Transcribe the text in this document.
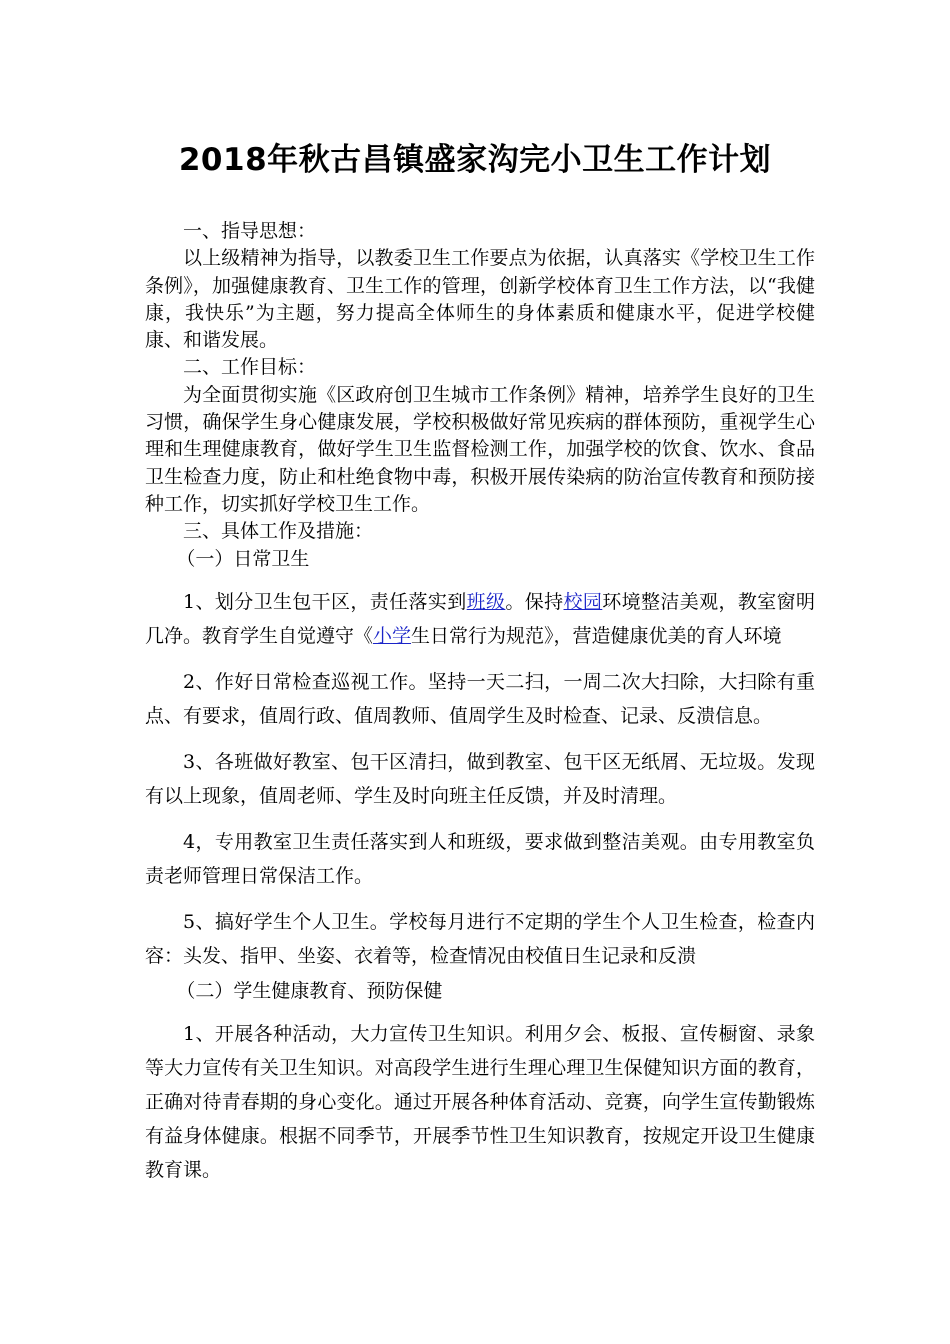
2018年秋古昌镇盛家沟完小卫生工作计划

一、指导思想：

以上级精神为指导，以教委卫生工作要点为依据，认真落实《学校卫生工作条例》，加强健康教育、卫生工作的管理，创新学校体育卫生工作方法，以“我健康，我快乐”为主题，努力提高全体师生的身体素质和健康水平，促进学校健康、和谐发展。

二、工作目标：

为全面贯彻实施《区政府创卫生城市工作条例》精神，培养学生良好的卫生习惯，确保学生身心健康发展，学校积极做好常见疾病的群体预防，重视学生心理和生理健康教育，做好学生卫生监督检测工作，加强学校的饮食、饮水、食品卫生检查力度，防止和杜绝食物中毒，积极开展传染病的防治宣传教育和预防接种工作，切实抓好学校卫生工作。

三、具体工作及措施：

（一）日常卫生

1、划分卫生包干区，责任落实到班级。保持校园环境整洁美观，教室窗明几净。教育学生自觉遵守《小学生日常行为规范》，营造健康优美的育人环境

2、作好日常检查巡视工作。坚持一天二扫，一周二次大扫除，大扫除有重点、有要求，值周行政、值周教师、值周学生及时检查、记录、反溃信息。

3、各班做好教室、包干区清扫，做到教室、包干区无纸屑、无垃圾。发现有以上现象，值周老师、学生及时向班主任反馈，并及时清理。

4，专用教室卫生责任落实到人和班级，要求做到整洁美观。由专用教室负责老师管理日常保洁工作。

5、搞好学生个人卫生。学校每月进行不定期的学生个人卫生检查，检查内容：头发、指甲、坐姿、衣着等，检查情况由校值日生记录和反溃

（二）学生健康教育、预防保健

1、开展各种活动，大力宣传卫生知识。利用夕会、板报、宣传橱窗、录象等大力宣传有关卫生知识。对高段学生进行生理心理卫生保健知识方面的教育，正确对待青春期的身心变化。通过开展各种体育活动、竞赛，向学生宣传勤锻炼有益身体健康。根据不同季节，开展季节性卫生知识教育，按规定开设卫生健康教育课。
